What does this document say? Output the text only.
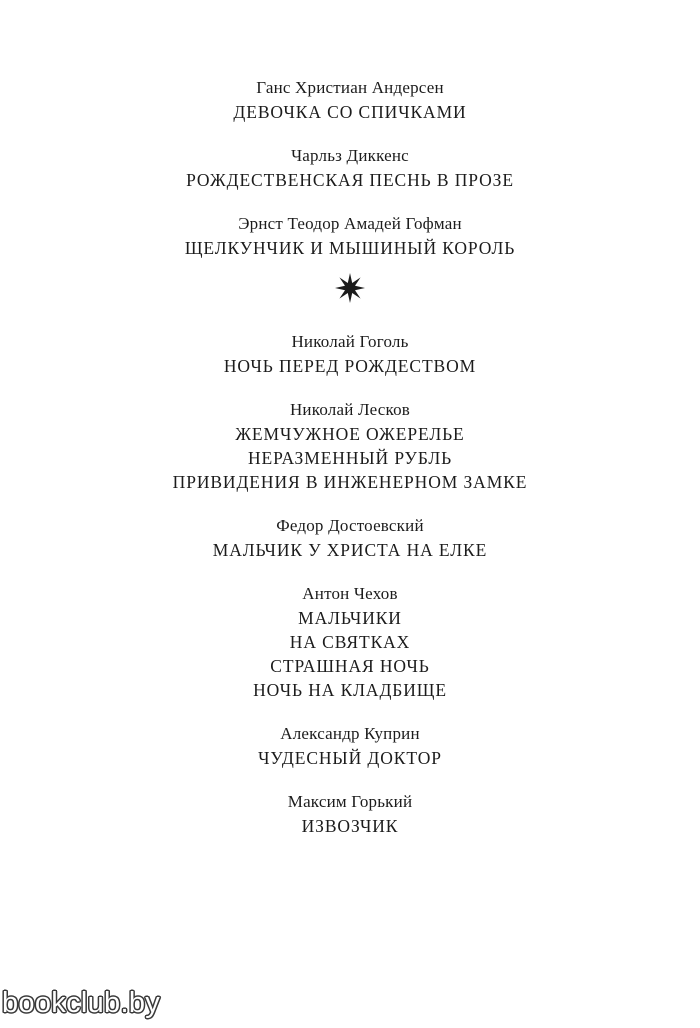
Ганс Христиан Андерсен
ДЕВОЧКА СО СПИЧКАМИ
Чарльз Диккенс
РОЖДЕСТВЕНСКАЯ ПЕСНЬ В ПРОЗЕ
Эрнст Теодор Амадей Гофман
ЩЕЛКУНЧИК И МЫШИНЫЙ КОРОЛЬ
Николай Гоголь
НОЧЬ ПЕРЕД РОЖДЕСТВОМ
Николай Лесков
ЖЕМЧУЖНОЕ ОЖЕРЕЛЬЕ
НЕРАЗМЕННЫЙ РУБЛЬ
ПРИВИДЕНИЯ В ИНЖЕНЕРНОМ ЗАМКЕ
Федор Достоевский
МАЛЬЧИК У ХРИСТА НА ЕЛКЕ
Антон Чехов
МАЛЬЧИКИ
НА СВЯТКАХ
СТРАШНАЯ НОЧЬ
НОЧЬ НА КЛАДБИЩЕ
Александр Куприн
ЧУДЕСНЫЙ ДОКТОР
Максим Горький
ИЗВОЗЧИК
bookclub.by
